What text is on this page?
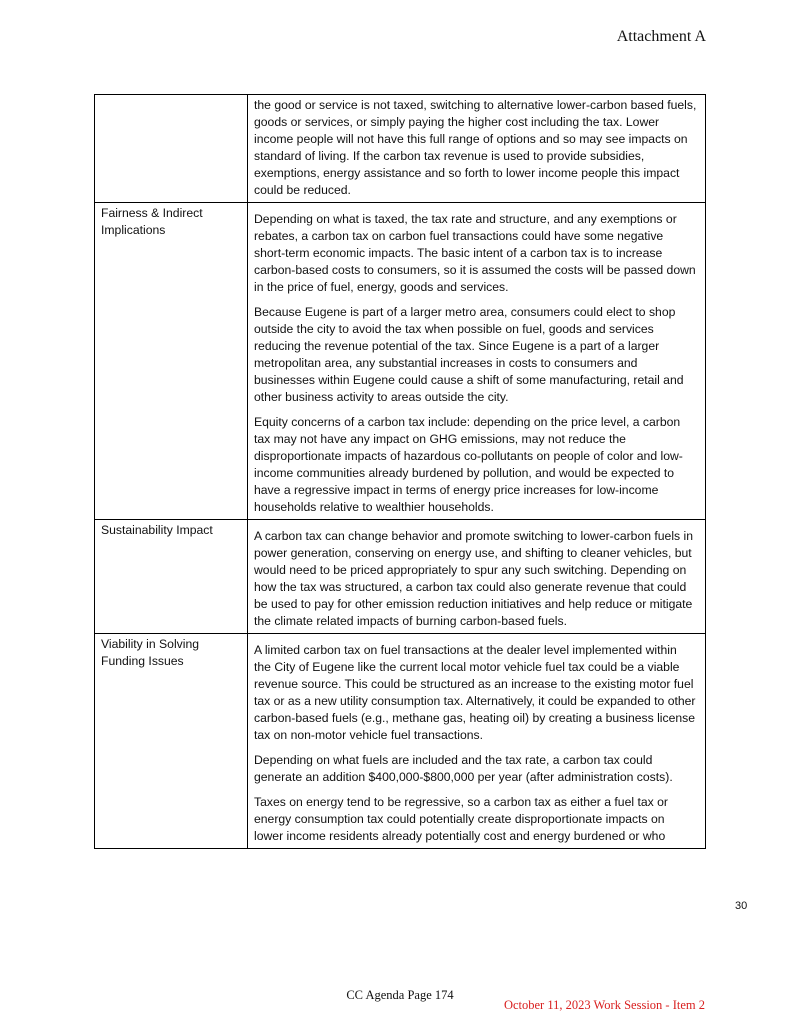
Attachment A

	the good or service is not taxed, switching to alternative lower-carbon based fuels, goods or services, or simply paying the higher cost including the tax. Lower income people will not have this full range of options and so may see impacts on standard of living. If the carbon tax revenue is used to provide subsidies, exemptions, energy assistance and so forth to lower income people this impact could be reduced.

Fairness & Indirect Implications	Depending on what is taxed, the tax rate and structure, and any exemptions or rebates, a carbon tax on carbon fuel transactions could have some negative short-term economic impacts. The basic intent of a carbon tax is to increase carbon-based costs to consumers, so it is assumed the costs will be passed down in the price of fuel, energy, goods and services.

Because Eugene is part of a larger metro area, consumers could elect to shop outside the city to avoid the tax when possible on fuel, goods and services reducing the revenue potential of the tax. Since Eugene is a part of a larger metropolitan area, any substantial increases in costs to consumers and businesses within Eugene could cause a shift of some manufacturing, retail and other business activity to areas outside the city.

Equity concerns of a carbon tax include: depending on the price level, a carbon tax may not have any impact on GHG emissions, may not reduce the disproportionate impacts of hazardous co-pollutants on people of color and low-income communities already burdened by pollution, and would be expected to have a regressive impact in terms of energy price increases for low-income households relative to wealthier households.

Sustainability Impact	A carbon tax can change behavior and promote switching to lower-carbon fuels in power generation, conserving on energy use, and shifting to cleaner vehicles, but would need to be priced appropriately to spur any such switching. Depending on how the tax was structured, a carbon tax could also generate revenue that could be used to pay for other emission reduction initiatives and help reduce or mitigate the climate related impacts of burning carbon-based fuels.

Viability in Solving Funding Issues	A limited carbon tax on fuel transactions at the dealer level implemented within the City of Eugene like the current local motor vehicle fuel tax could be a viable revenue source. This could be structured as an increase to the existing motor fuel tax or as a new utility consumption tax. Alternatively, it could be expanded to other carbon-based fuels (e.g., methane gas, heating oil) by creating a business license tax on non-motor vehicle fuel transactions.

Depending on what fuels are included and the tax rate, a carbon tax could generate an addition $400,000-$800,000 per year (after administration costs).

Taxes on energy tend to be regressive, so a carbon tax as either a fuel tax or energy consumption tax could potentially create disproportionate impacts on lower income residents already potentially cost and energy burdened or who

30
CC Agenda Page 174
October 11, 2023 Work Session - Item 2
